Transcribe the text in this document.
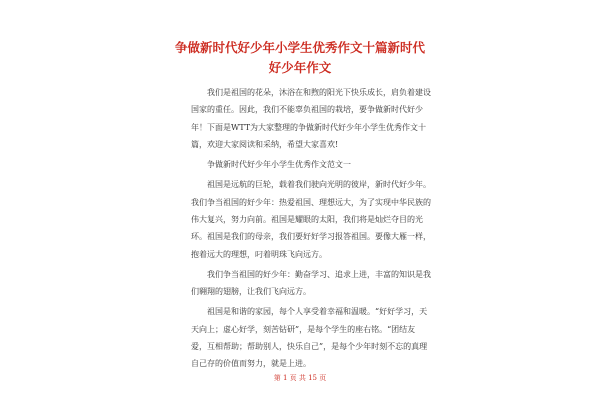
争做新时代好少年小学生优秀作文十篇新时代
好少年作文

我们是祖国的花朵，沐浴在和煦的阳光下快乐成长，肩负着建设国家的重任。因此，我们不能辜负祖国的栽培，要争做新时代好少年！下面是WTT为大家整理的争做新时代好少年小学生优秀作文十篇，欢迎大家阅读和采纳，希望大家喜欢!

争做新时代好少年小学生优秀作文范文一

祖国是远航的巨轮，载着我们驶向光明的彼岸，新时代好少年。我们争当祖国的好少年：热爱祖国、理想远大，为了实现中华民族的伟大复兴，努力向前。祖国是耀眼的太阳，我们将是灿烂夺目的光环。祖国是我们的母亲，我们要好好学习报答祖国。要像大雁一样，抱着远大的理想，叼着明珠飞向远方。

我们争当祖国的好少年：勤奋学习、追求上进，丰富的知识是我们翱翔的翅膀，让我们飞向远方。

祖国是和谐的家园，每个人享受着幸福和温暖。“好好学习，天天向上；虚心好学，刻苦钻研”，是每个学生的座右铭。“团结友爱，互相帮助；帮助别人，快乐自己”，是每个少年时刻不忘的真理自己存的价值而努力，就是上进。

第 1 页 共 15 页
